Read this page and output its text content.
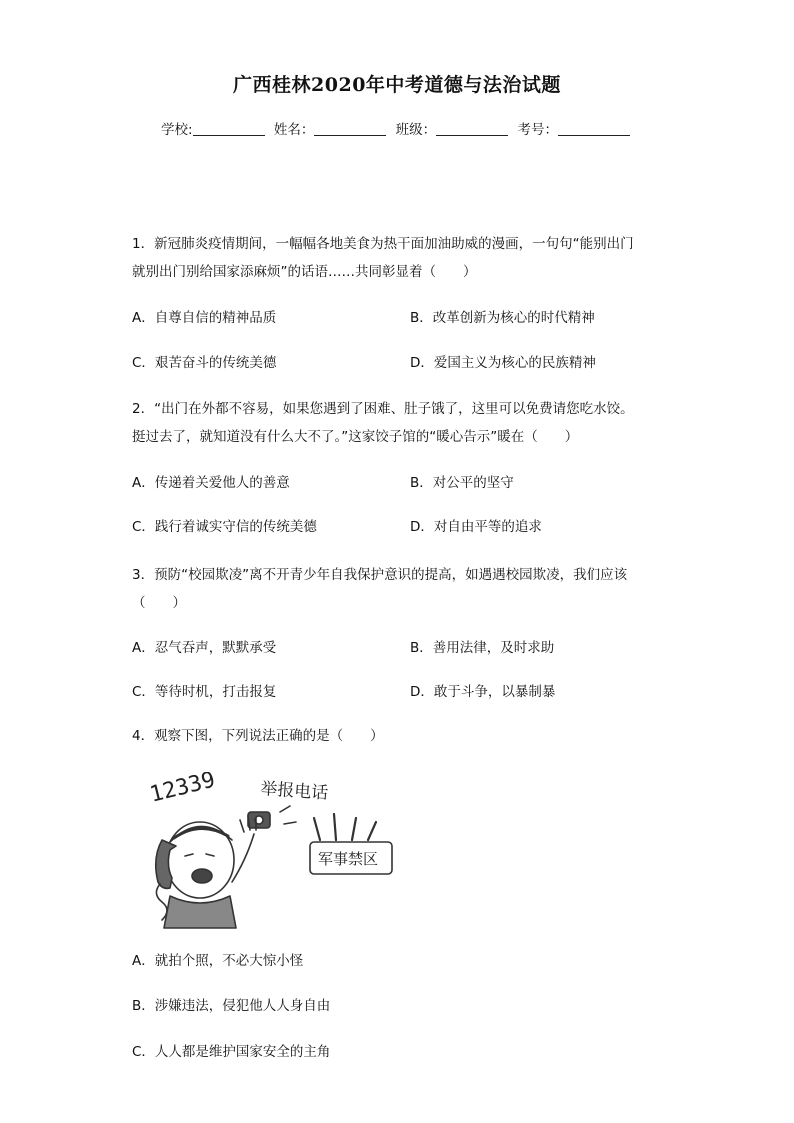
广西桂林2020年中考道德与法治试题
学校:	姓名：	班级：	考号：
1．新冠肺炎疫情期间，一幅幅各地美食为热干面加油助威的漫画，一句句“能别出门
就别出门别给国家添麻烦”的话语……共同彰显着（　　）
A．自尊自信的精神品质	B．改革创新为核心的时代精神
C．艰苦奋斗的传统美德	D．爱国主义为核心的民族精神
2．“出门在外都不容易，如果您遇到了困难、肚子饿了，这里可以免费请您吃水饺。
挺过去了，就知道没有什么大不了。”这家饺子馆的“暖心告示”暖在（　　）
A．传递着关爱他人的善意	B．对公平的坚守
C．践行着诚实守信的传统美德	D．对自由平等的追求
3．预防“校园欺凌”离不开青少年自我保护意识的提高，如遇遇校园欺凌，我们应该
（　　）
A．忍气吞声，默默承受	B．善用法律，及时求助
C．等待时机，打击报复	D．敢于斗争，以暴制暴
4．观察下图，下列说法正确的是（　　）
12339 举报电话
军事禁区
A．就拍个照，不必大惊小怪
B．涉嫌违法，侵犯他人人身自由
C．人人都是维护国家安全的主角
